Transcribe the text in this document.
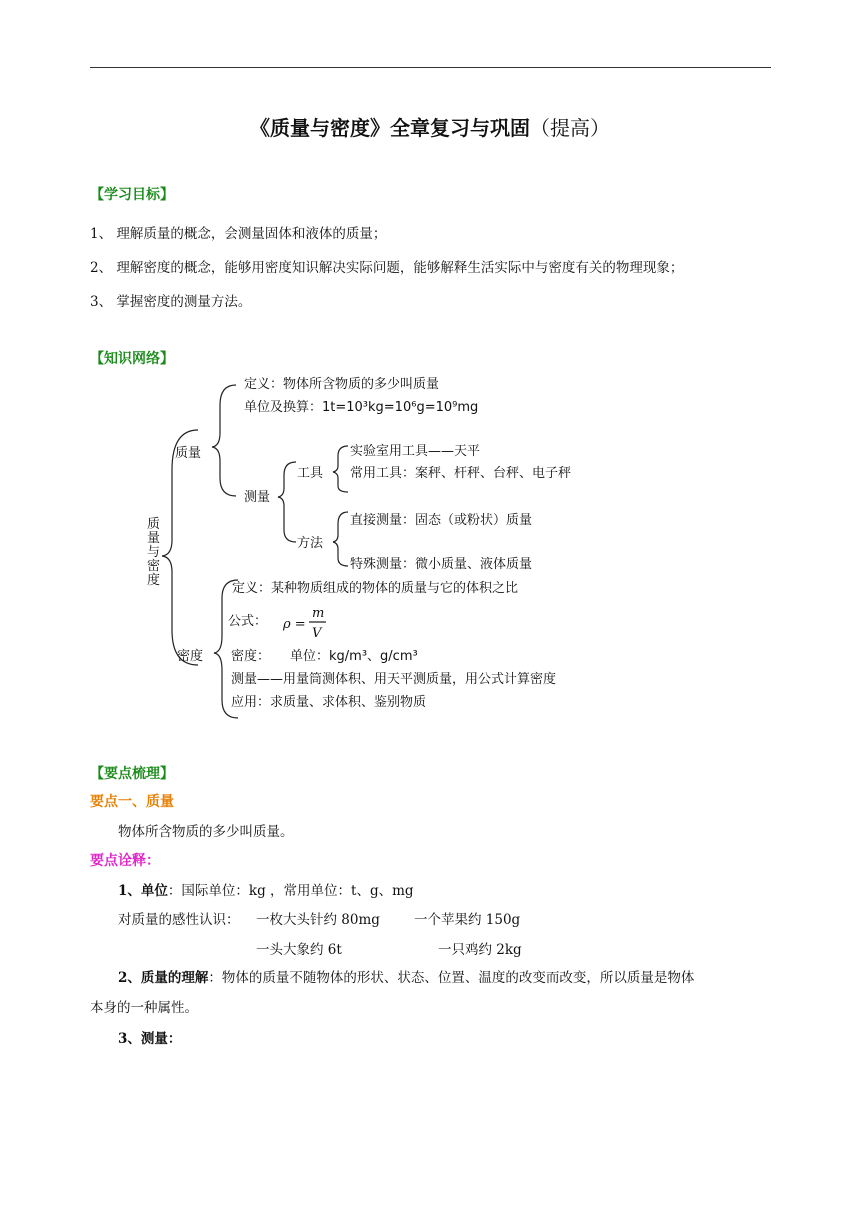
《质量与密度》全章复习与巩固（提高）
【学习目标】
1、 理解质量的概念，会测量固体和液体的质量；
2、 理解密度的概念，能够用密度知识解决实际问题，能够解释生活实际中与密度有关的物理现象；
3、 掌握密度的测量方法。
【知识网络】
质量与密度
质量
定义：物体所含物质的多少叫质量
单位及换算：1t=10³kg=10⁶g=10⁹mg
测量
工具
方法
实验室用工具——天平
常用工具：案秤、杆秤、台秤、电子秤
直接测量：固态（或粉状）质量
特殊测量：微小质量、液体质量
密度
定义：某种物质组成的物体的质量与它的体积之比
公式： ρ =
m
V
密度： 单位：kg/m³、g/cm³
测量——用量筒测体积、用天平测质量，用公式计算密度
应用：求质量、求体积、鉴别物质
【要点梳理】
要点一、质量
物体所含物质的多少叫质量。
要点诠释：
1、单位：国际单位：kg ，常用单位：t、g、mg
对质量的感性认识： 一枚大头针约 80mg	一个苹果约 150g
一头大象约 6t	一只鸡约 2kg
2、质量的理解：物体的质量不随物体的形状、状态、位置、温度的改变而改变，所以质量是物体
本身的一种属性。
3、测量：
